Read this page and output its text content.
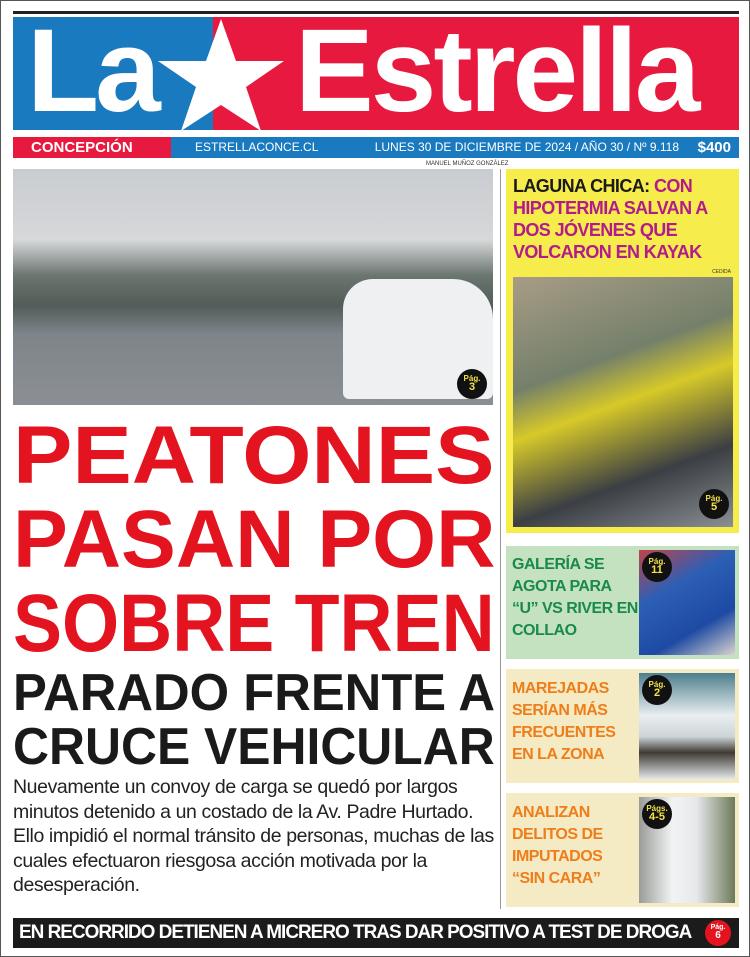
La Estrella
CONCEPCIÓN	ESTRELLACONCE.CL	LUNES 30 DE DICIEMBRE DE 2024 / AÑO 30 / Nº 9.118 $400
MANUEL MUÑOZ GONZÁLEZ
Pág.
3
PEATONES
PASAN POR
SOBRE TREN
PARADO FRENTE A
CRUCE VEHICULAR
Nuevamente un convoy de carga se quedó por largos minutos detenido a un costado de la Av. Padre Hurtado. Ello impidió el normal tránsito de personas, muchas de las cuales efectuaron riesgosa acción motivada por la desesperación.
LAGUNA CHICA: CON HIPOTERMIA SALVAN A DOS JÓVENES QUE VOLCARON EN KAYAK
CEDIDA
Pág.
5
GALERÍA SE AGOTA PARA “U” VS RIVER EN COLLAO
Pág.
11
MAREJADAS SERÍAN MÁS FRECUENTES EN LA ZONA
Pág.
2
ANALIZAN DELITOS DE IMPUTADOS “SIN CARA”
Págs.
4-5
EN RECORRIDO DETIENEN A MICRERO TRAS DAR POSITIVO A TEST DE DROGA	Pág.
6
